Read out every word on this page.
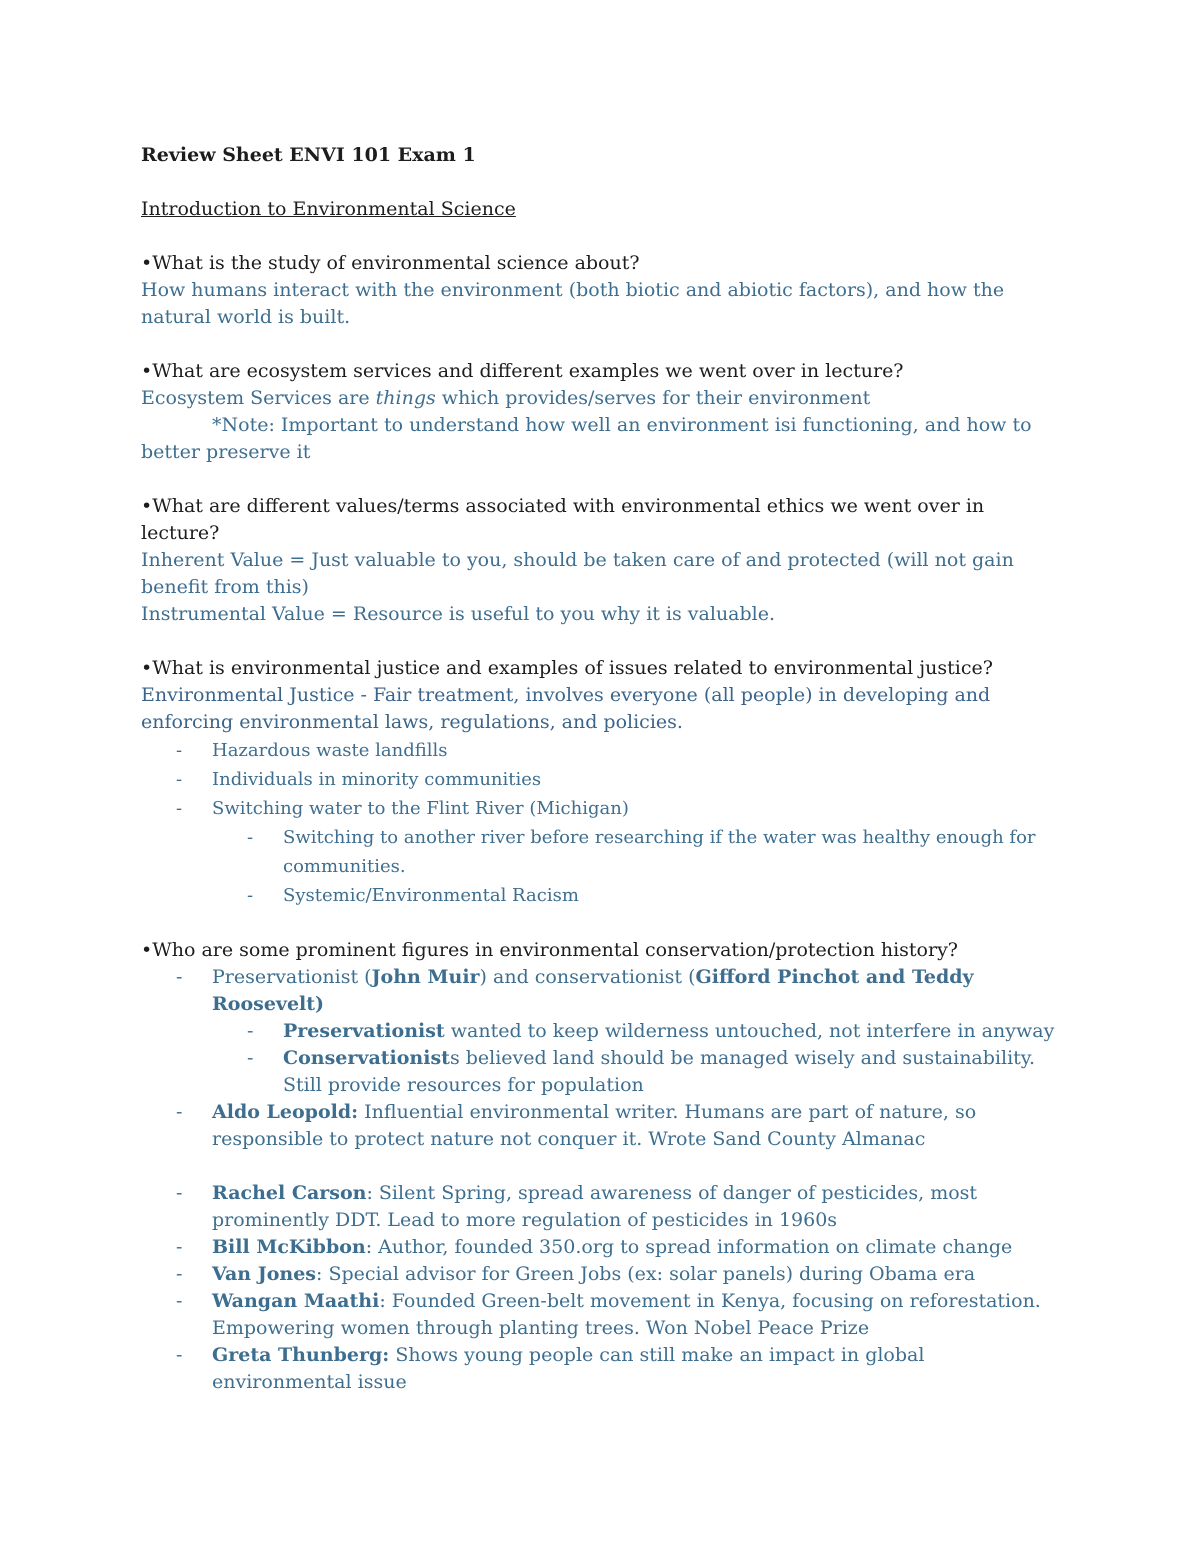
Review Sheet ENVI 101 Exam 1

Introduction to Environmental Science

•What is the study of environmental science about?

How humans interact with the environment (both biotic and abiotic factors), and how the natural world is built.

•What are ecosystem services and different examples we went over in lecture?

Ecosystem Services are things which provides/serves for their environment

*Note: Important to understand how well an environment isi functioning, and how to
better preserve it

•What are different values/terms associated with environmental ethics we went over in lecture?

Inherent Value = Just valuable to you, should be taken care of and protected (will not gain benefit from this)

Instrumental Value = Resource is useful to you why it is valuable.

•What is environmental justice and examples of issues related to environmental justice?

Environmental Justice - Fair treatment, involves everyone (all people) in developing and enforcing environmental laws, regulations, and policies.

- Hazardous waste landfills
- Individuals in minority communities
- Switching water to the Flint River (Michigan)
- Switching to another river before researching if the water was healthy enough for communities.
- Systemic/Environmental Racism

•Who are some prominent figures in environmental conservation/protection history?

- Preservationist (John Muir) and conservationist (Gifford Pinchot and Teddy Roosevelt)
- Preservationist wanted to keep wilderness untouched, not interfere in anyway
- Conservationists believed land should be managed wisely and sustainability. Still provide resources for population
- Aldo Leopold: Influential environmental writer. Humans are part of nature, so responsible to protect nature not conquer it. Wrote Sand County Almanac
- Rachel Carson: Silent Spring, spread awareness of danger of pesticides, most prominently DDT. Lead to more regulation of pesticides in 1960s
- Bill McKibbon: Author, founded 350.org to spread information on climate change
- Van Jones: Special advisor for Green Jobs (ex: solar panels) during Obama era
- Wangan Maathi: Founded Green-belt movement in Kenya, focusing on reforestation. Empowering women through planting trees. Won Nobel Peace Prize
- Greta Thunberg: Shows young people can still make an impact in global environmental issue
